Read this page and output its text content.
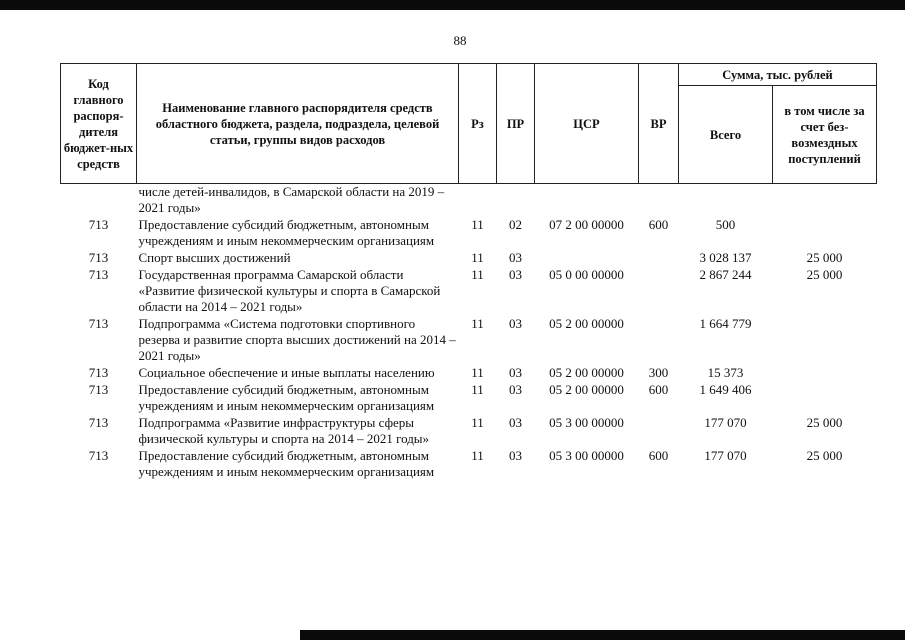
88
Код главного распоря-дителя бюджет-ных средств	Наименование главного распорядителя средств областного бюджета, раздела, подраздела, целевой статьи, группы видов расходов	Рз	ПР	ЦСР	ВР	Сумма, тыс. рублей	
						Всего	в том числе за счет без-возмездных поступлений
	числе детей-инвалидов, в Самарской области на 2019 – 2021 годы»						
713	Предоставление субсидий бюджетным, автономным учреждениям и иным некоммерческим организациям	11	02	07 2 00 00000	600	500	
713	Спорт высших достижений	11	03			3 028 137	25 000
713	Государственная программа Самарской области «Развитие физической культуры и спорта в Самарской области на 2014 – 2021 годы»	11	03	05 0 00 00000		2 867 244	25 000
713	Подпрограмма «Система подготовки спортивного резерва и развитие спорта высших достижений на 2014 – 2021 годы»	11	03	05 2 00 00000		1 664 779	
713	Социальное обеспечение и иные выплаты населению	11	03	05 2 00 00000	300	15 373	
713	Предоставление субсидий бюджетным, автономным учреждениям и иным некоммерческим организациям	11	03	05 2 00 00000	600	1 649 406	
713	Подпрограмма «Развитие инфраструктуры сферы физической культуры и спорта на 2014 – 2021 годы»	11	03	05 3 00 00000		177 070	25 000
713	Предоставление субсидий бюджетным, автономным учреждениям и иным некоммерческим организациям	11	03	05 3 00 00000	600	177 070	25 000
